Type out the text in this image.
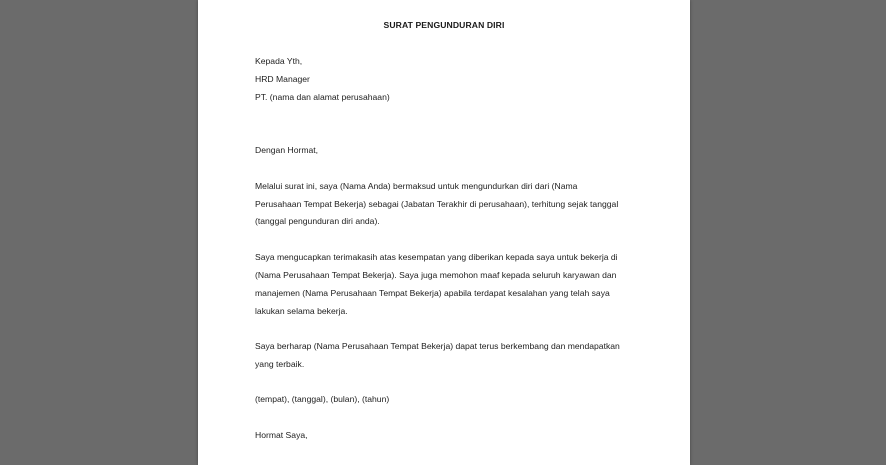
SURAT PENGUNDURAN DIRI
Kepada Yth,
HRD Manager
PT. (nama dan alamat perusahaan)
Dengan Hormat,
Melalui surat ini, saya (Nama Anda) bermaksud untuk mengundurkan diri dari (Nama
Perusahaan Tempat Bekerja) sebagai (Jabatan Terakhir di perusahaan), terhitung sejak tanggal
(tanggal pengunduran diri anda).
Saya mengucapkan terimakasih atas kesempatan yang diberikan kepada saya untuk bekerja di
(Nama Perusahaan Tempat Bekerja). Saya juga memohon maaf kepada seluruh karyawan dan
manajemen (Nama Perusahaan Tempat Bekerja) apabila terdapat kesalahan yang telah saya
lakukan selama bekerja.
Saya berharap (Nama Perusahaan Tempat Bekerja) dapat terus berkembang dan mendapatkan
yang terbaik.
(tempat), (tanggal), (bulan), (tahun)
Hormat Saya,
